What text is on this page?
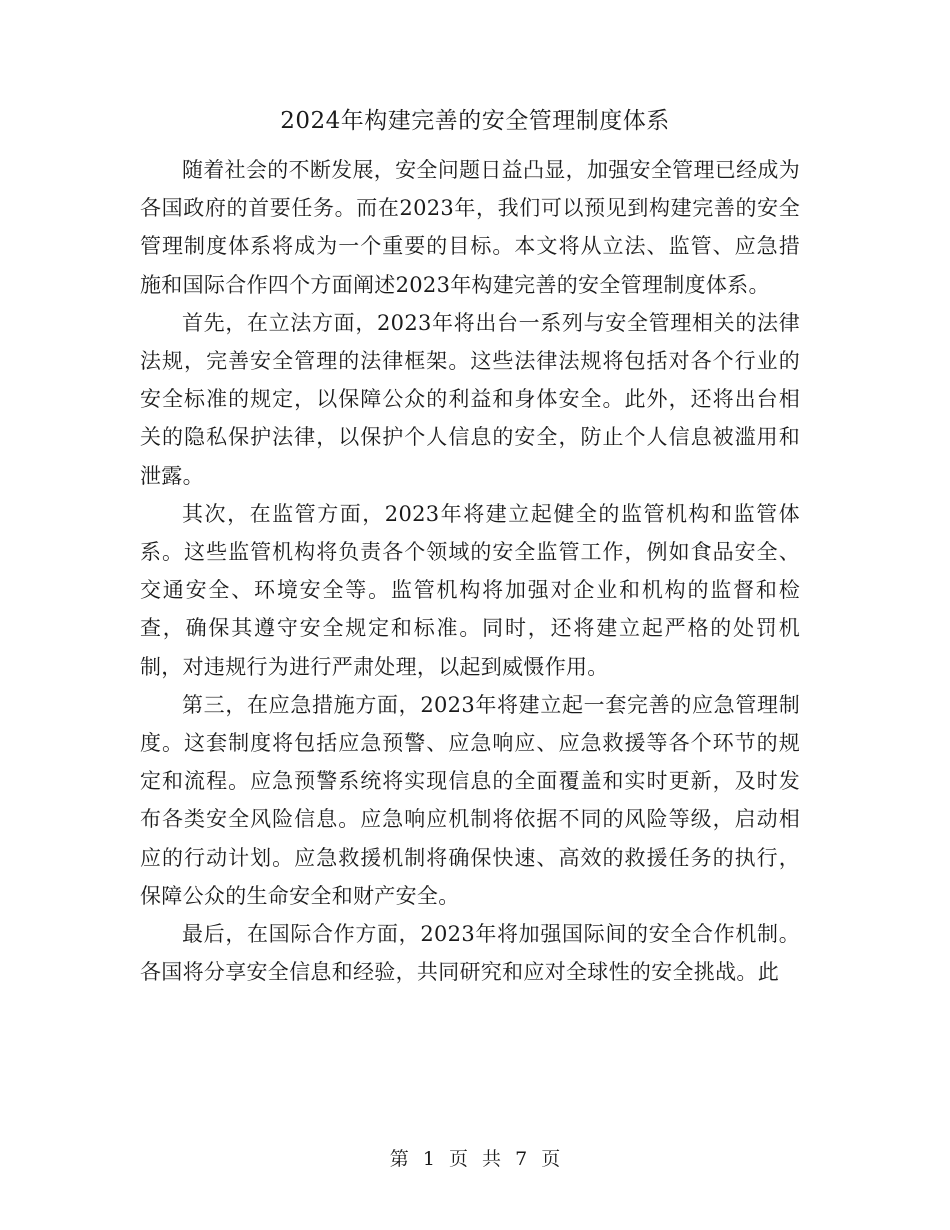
2024年构建完善的安全管理制度体系

随着社会的不断发展，安全问题日益凸显，加强安全管理已经成为各国政府的首要任务。而在2023年，我们可以预见到构建完善的安全管理制度体系将成为一个重要的目标。本文将从立法、监管、应急措施和国际合作四个方面阐述2023年构建完善的安全管理制度体系。

首先，在立法方面，2023年将出台一系列与安全管理相关的法律法规，完善安全管理的法律框架。这些法律法规将包括对各个行业的安全标准的规定，以保障公众的利益和身体安全。此外，还将出台相关的隐私保护法律，以保护个人信息的安全，防止个人信息被滥用和泄露。

其次，在监管方面，2023年将建立起健全的监管机构和监管体系。这些监管机构将负责各个领域的安全监管工作，例如食品安全、交通安全、环境安全等。监管机构将加强对企业和机构的监督和检查，确保其遵守安全规定和标准。同时，还将建立起严格的处罚机制，对违规行为进行严肃处理，以起到威慑作用。

第三，在应急措施方面，2023年将建立起一套完善的应急管理制度。这套制度将包括应急预警、应急响应、应急救援等各个环节的规定和流程。应急预警系统将实现信息的全面覆盖和实时更新，及时发布各类安全风险信息。应急响应机制将依据不同的风险等级，启动相应的行动计划。应急救援机制将确保快速、高效的救援任务的执行，保障公众的生命安全和财产安全。

最后，在国际合作方面，2023年将加强国际间的安全合作机制。各国将分享安全信息和经验，共同研究和应对全球性的安全挑战。此

第 1 页 共 7 页
